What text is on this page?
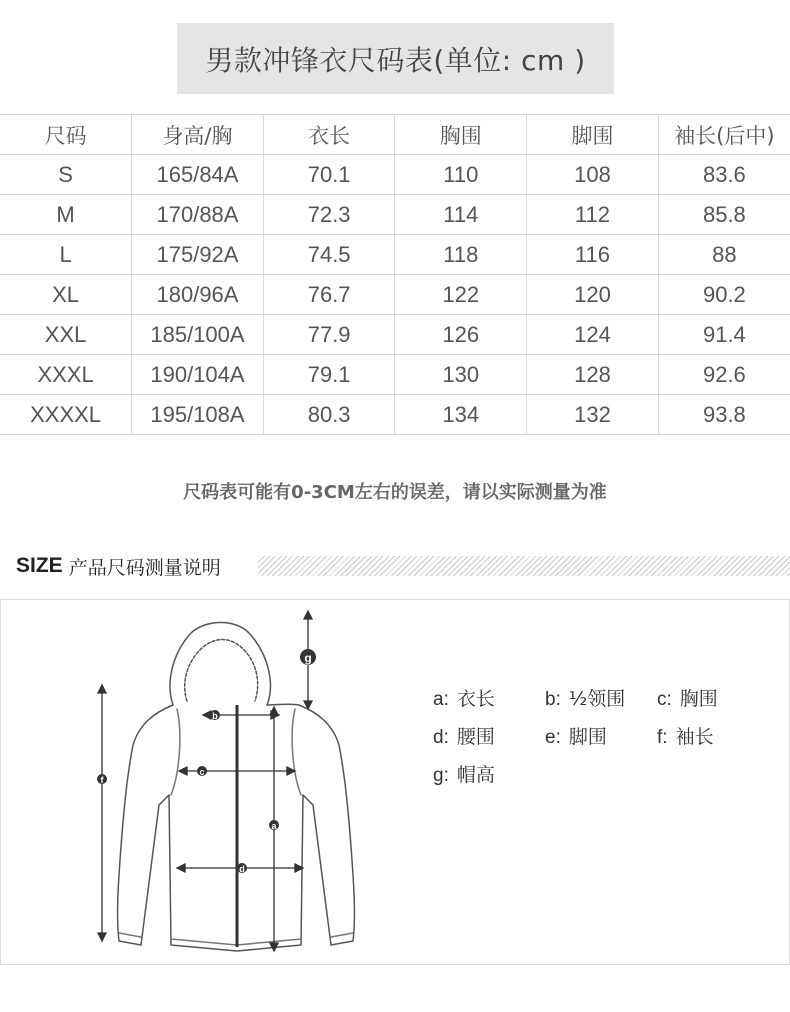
男款冲锋衣尺码表(单位: cm )
尺码	身高/胸	衣长	胸围	脚围	袖长(后中)
S	165/84A	70.1	110	108	83.6
M	170/88A	72.3	114	112	85.8
L	175/92A	74.5	118	116	88
XL	180/96A	76.7	122	120	90.2
XXL	185/100A	77.9	126	124	91.4
XXXL	190/104A	79.1	130	128	92.6
XXXXL	195/108A	80.3	134	132	93.8
尺码表可能有0-3CM左右的误差，请以实际测量为准
SIZE 产品尺码测量说明
g
f
a
b
c
d
a: 衣长	b: ½领围	c: 胸围
d: 腰围	e: 脚围	f: 袖长
g: 帽高
